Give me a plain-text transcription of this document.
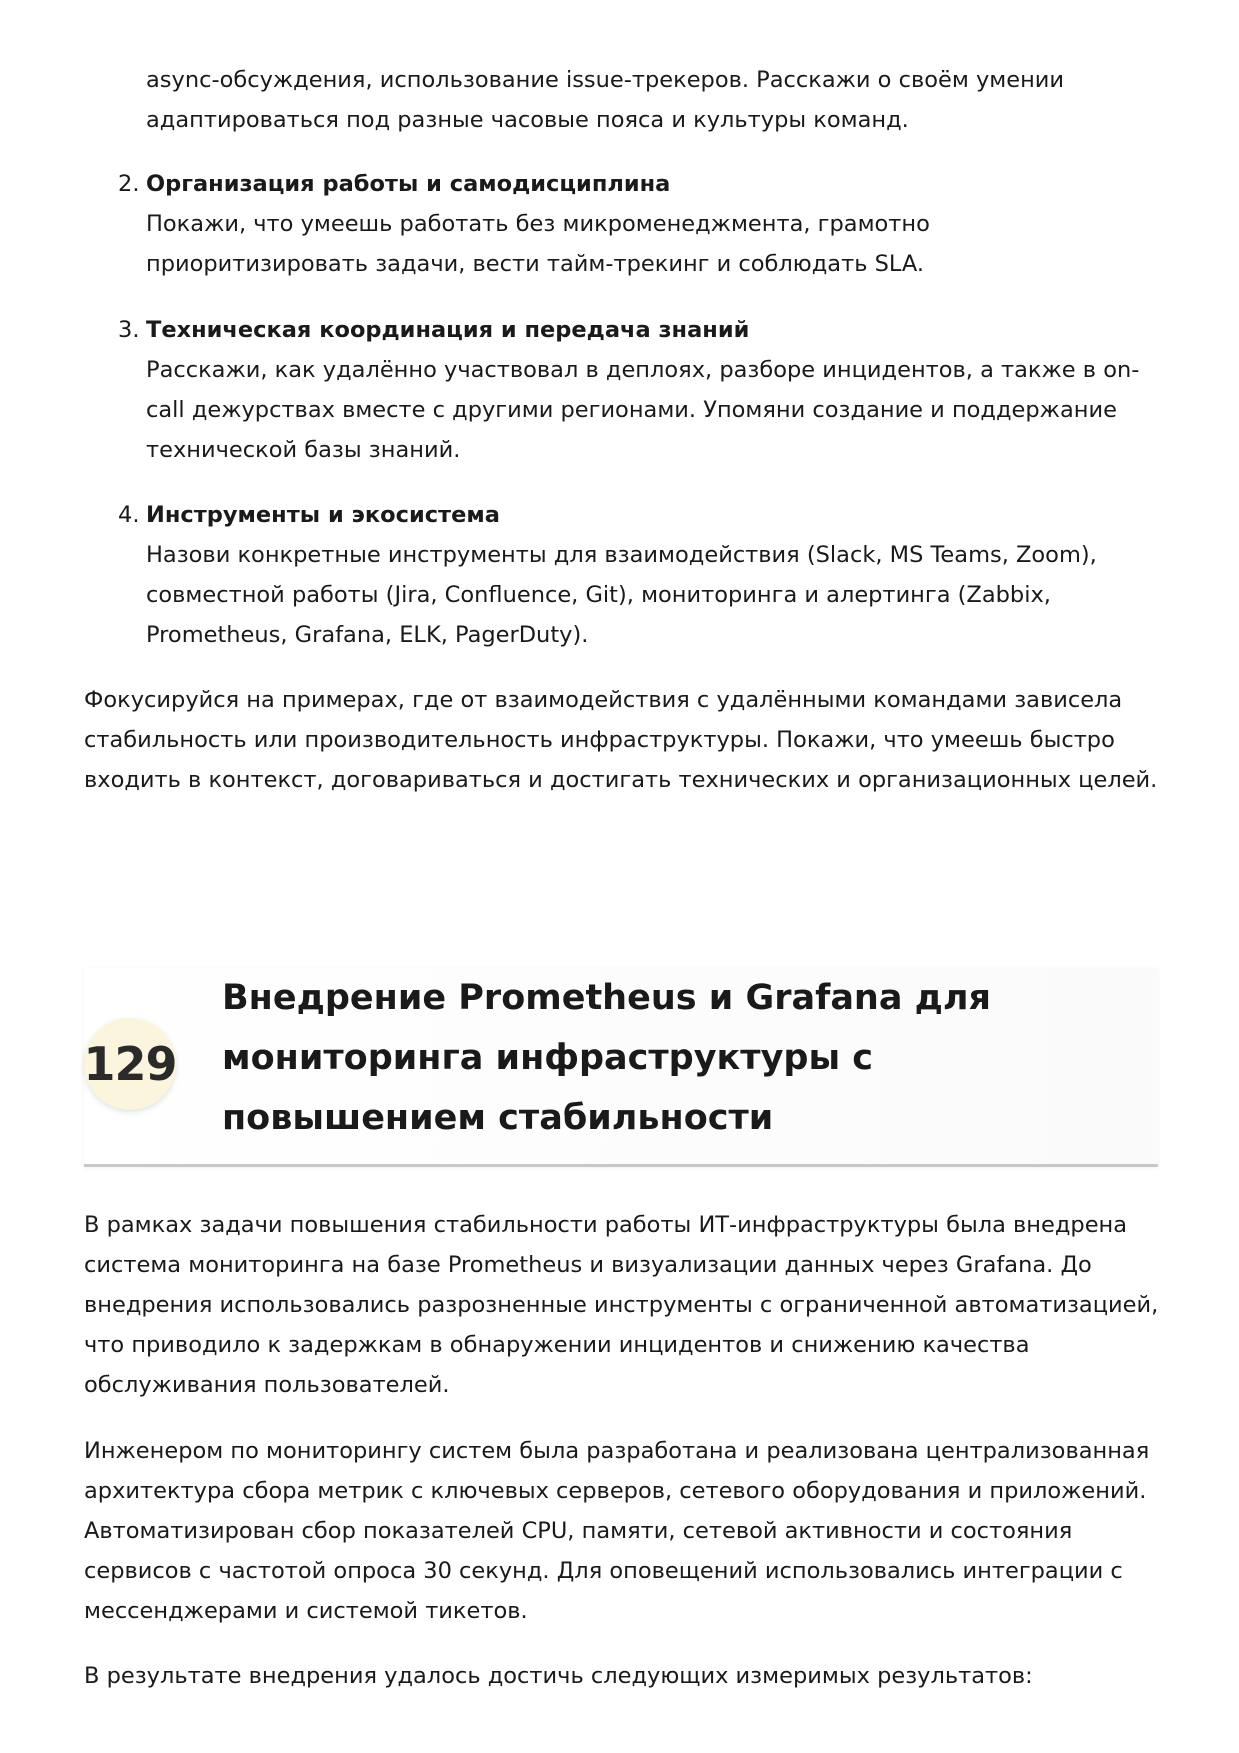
async-обсуждения, использование issue-трекеров. Расскажи о своём умении адаптироваться под разные часовые пояса и культуры команд.

2. Организация работы и самодисциплина

Покажи, что умеешь работать без микроменеджмента, грамотно приоритизировать задачи, вести тайм-трекинг и соблюдать SLA.

3. Техническая координация и передача знаний

Расскажи, как удалённо участвовал в деплоях, разборе инцидентов, а также в on-call дежурствах вместе с другими регионами. Упомяни создание и поддержание технической базы знаний.

4. Инструменты и экосистема

Назови конкретные инструменты для взаимодействия (Slack, MS Teams, Zoom), совместной работы (Jira, Confluence, Git), мониторинга и алертинга (Zabbix, Prometheus, Grafana, ELK, PagerDuty).

Фокусируйся на примерах, где от взаимодействия с удалёнными командами зависела стабильность или производительность инфраструктуры. Покажи, что умеешь быстро входить в контекст, договариваться и достигать технических и организационных целей.

129
Внедрение Prometheus и Grafana для мониторинга инфраструктуры с повышением стабильности

В рамках задачи повышения стабильности работы ИТ-инфраструктуры была внедрена система мониторинга на базе Prometheus и визуализации данных через Grafana. До внедрения использовались разрозненные инструменты с ограниченной автоматизацией, что приводило к задержкам в обнаружении инцидентов и снижению качества обслуживания пользователей.

Инженером по мониторингу систем была разработана и реализована централизованная архитектура сбора метрик с ключевых серверов, сетевого оборудования и приложений. Автоматизирован сбор показателей CPU, памяти, сетевой активности и состояния сервисов с частотой опроса 30 секунд. Для оповещений использовались интеграции с мессенджерами и системой тикетов.

В результате внедрения удалось достичь следующих измеримых результатов:
